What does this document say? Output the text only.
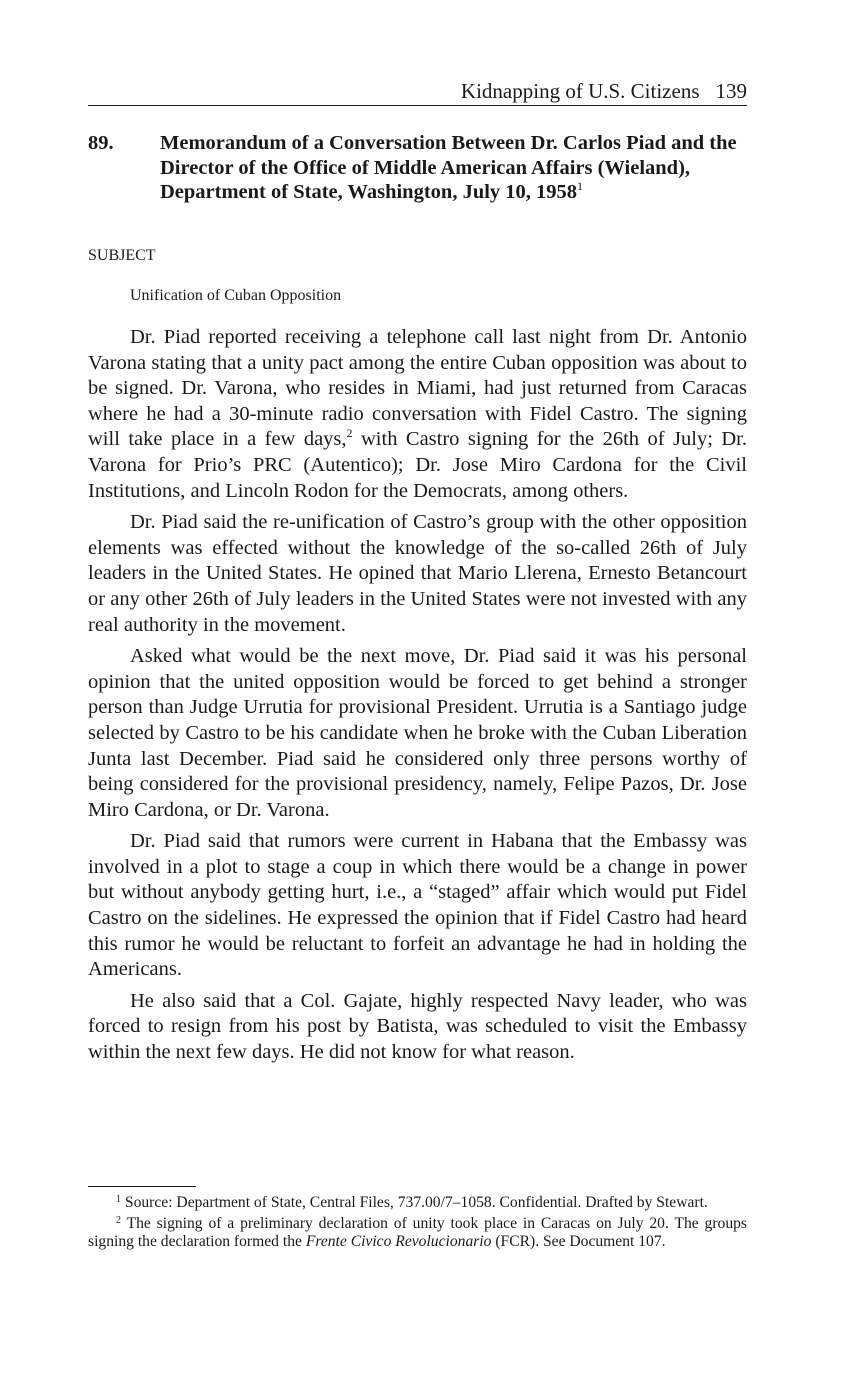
Kidnapping of U.S. Citizens 139
89. Memorandum of a Conversation Between Dr. Carlos Piad and the Director of the Office of Middle American Affairs (Wieland), Department of State, Washington, July 10, 1958$^1$
SUBJECT
Unification of Cuban Opposition

Dr. Piad reported receiving a telephone call last night from Dr. Antonio Varona stating that a unity pact among the entire Cuban opposition was about to be signed. Dr. Varona, who resides in Miami, had just returned from Caracas where he had a 30-minute radio conversation with Fidel Castro. The signing will take place in a few days,$^2$ with Castro signing for the 26th of July; Dr. Varona for Prio’s PRC (Autentico); Dr. Jose Miro Cardona for the Civil Institutions, and Lincoln Rodon for the Democrats, among others.

Dr. Piad said the re-unification of Castro’s group with the other opposition elements was effected without the knowledge of the so-called 26th of July leaders in the United States. He opined that Mario Llerena, Ernesto Betancourt or any other 26th of July leaders in the United States were not invested with any real authority in the movement.

Asked what would be the next move, Dr. Piad said it was his personal opinion that the united opposition would be forced to get behind a stronger person than Judge Urrutia for provisional President. Urrutia is a Santiago judge selected by Castro to be his candidate when he broke with the Cuban Liberation Junta last December. Piad said he considered only three persons worthy of being considered for the provisional presidency, namely, Felipe Pazos, Dr. Jose Miro Cardona, or Dr. Varona.

Dr. Piad said that rumors were current in Habana that the Embassy was involved in a plot to stage a coup in which there would be a change in power but without anybody getting hurt, i.e., a “staged” affair which would put Fidel Castro on the sidelines. He expressed the opinion that if Fidel Castro had heard this rumor he would be reluctant to forfeit an advantage he had in holding the Americans.

He also said that a Col. Gajate, highly respected Navy leader, who was forced to resign from his post by Batista, was scheduled to visit the Embassy within the next few days. He did not know for what reason.

$^1$ Source: Department of State, Central Files, 737.00/7–1058. Confidential. Drafted by Stewart.

$^2$ The signing of a preliminary declaration of unity took place in Caracas on July 20. The groups signing the declaration formed the Frente Civico Revolucionario (FCR). See Document 107.
